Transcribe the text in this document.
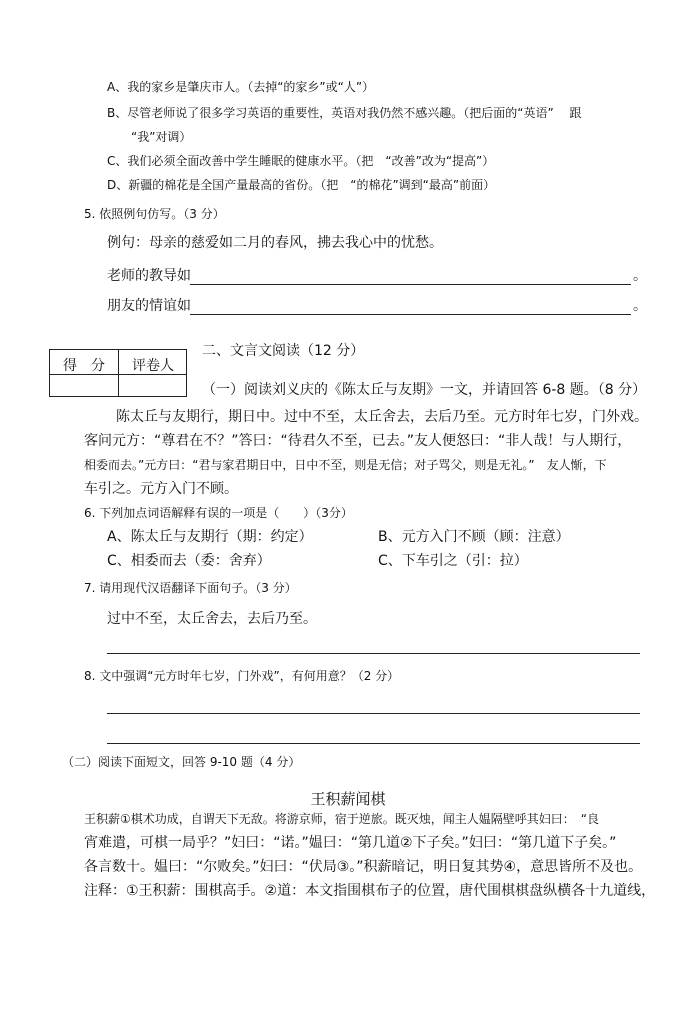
A、我的家乡是肇庆市人。（去掉“的家乡”或“人”）
B、尽管老师说了很多学习英语的重要性，英语对我仍然不感兴趣。（把后面的“英语”　 跟
“我”对调）
C、我们必须全面改善中学生睡眠的健康水平。（把　“改善”改为“提高”）
D、新疆的棉花是全国产量最高的省份。（把　“的棉花”调到“最高”前面）
5. 依照例句仿写。（3 分）
例句：母亲的慈爱如二月的春风，拂去我心中的忧愁。
老师的教导如	。
朋友的情谊如	。
得　分	评卷人
二、文言文阅读（12 分）
（一）阅读刘义庆的《陈太丘与友期》一文，并请回答 6-8 题。（8 分）
陈太丘与友期行，期日中。过中不至，太丘舍去，去后乃至。元方时年七岁，门外戏。
客问元方：“尊君在不？”答曰：“待君久不至，已去。”友人便怒曰：“非人哉！与人期行，
相委而去。”元方曰：“君与家君期日中，日中不至，则是无信；对子骂父，则是无礼。”　友人惭，下
车引之。元方入门不顾。
6. 下列加点词语解释有误的一项是（　　）（3分）
A、陈太丘与友期行（期：约定）	B、元方入门不顾（顾：注意）
C、相委而去（委：舍弃）	C、下车引之（引：拉）
7. 请用现代汉语翻译下面句子。（3 分）
过中不至，太丘舍去，去后乃至。
8. 文中强调“元方时年七岁，门外戏”，有何用意？（2 分）
（二）阅读下面短文，回答 9-10 题（4 分）
王积薪闻棋
王积薪①棋术功成，自谓天下无敌。将游京师，宿于逆旅。既灭烛，闻主人媪隔壁呼其妇曰：　“良
宵难遣，可棋一局乎？”妇曰：“诺。”媪曰：“第几道②下子矣。”妇曰：“第几道下子矣。”
各言数十。媪曰：“尔败矣。”妇曰：“伏局③。”积薪暗记，明日复其势④，意思皆所不及也。
注释：①王积薪：围棋高手。②道：本文指围棋布子的位置，唐代围棋棋盘纵横各十九道线，
